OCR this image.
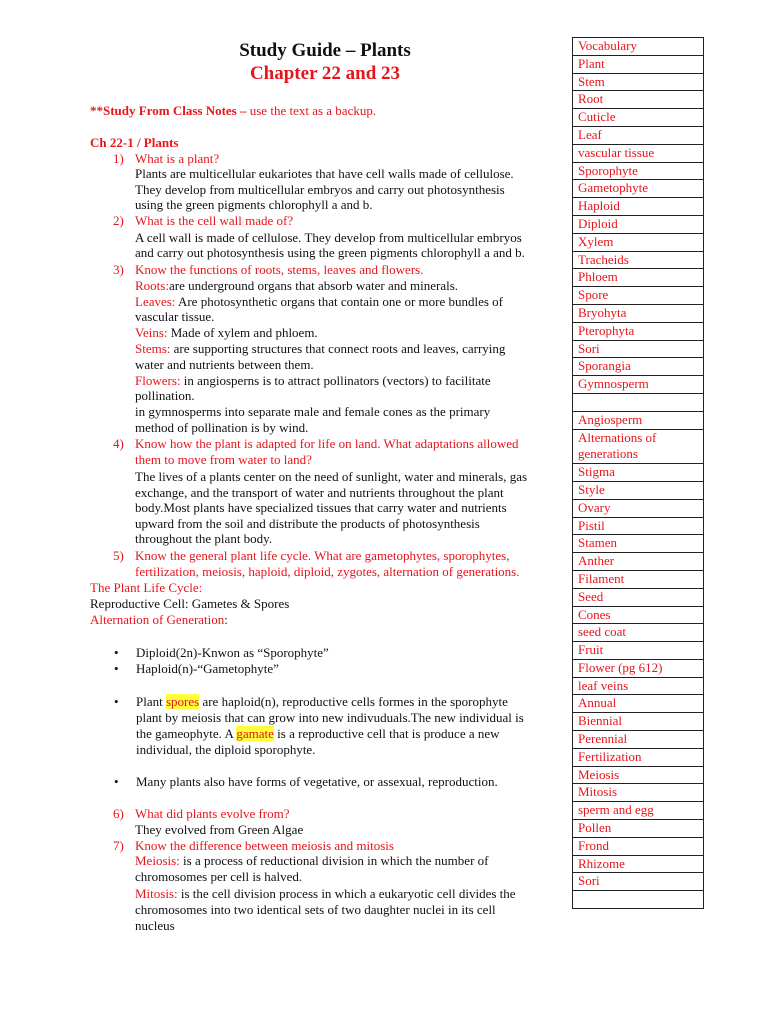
Study Guide – Plants
Chapter 22 and 23
**Study From Class Notes – use the text as a backup.
Ch 22-1 / Plants
1) What is a plant?
Plants are multicellular eukariotes that have cell walls made of cellulose.
They develop from multicellular embryos and carry out photosynthesis
using the green pigments chlorophyll a and b.
2) What is the cell wall made of?
A cell wall is made of cellulose. They develop from multicellular embryos
and carry out photosynthesis using the green pigments chlorophyll a and b.
3) Know the functions of roots, stems, leaves and flowers.
Roots:are underground organs that absorb water and minerals.
Leaves: Are photosynthetic organs that contain one or more bundles of
vascular tissue.
Veins: Made of xylem and phloem.
Stems: are supporting structures that connect roots and leaves, carrying
water and nutrients between them.
Flowers: in angiosperns is to attract pollinators (vectors) to facilitate
pollination.
in gymnosperms into separate male and female cones as the primary
method of pollination is by wind.
4) Know how the plant is adapted for life on land. What adaptations allowed
them to move from water to land?
The lives of a plants center on the need of sunlight, water and minerals, gas
exchange, and the transport of water and nutrients throughout the plant
body.Most plants have specialized tissues that carry water and nutrients
upward from the soil and distribute the products of photosynthesis
throughout the plant body.
5) Know the general plant life cycle. What are gametophytes, sporophytes,
fertilization, meiosis, haploid, diploid, zygotes, alternation of generations.
The Plant Life Cycle:
Reproductive Cell: Gametes & Spores
Alternation of Generation:
• Diploid(2n)-Knwon as “Sporophyte”
• Haploid(n)-“Gametophyte”
• Plant spores are haploid(n), reproductive cells formes in the sporophyte
plant by meiosis that can grow into new indivuduals.The new individual is
the gameophyte. A gamate is a reproductive cell that is produce a new
individual, the diploid sporophyte.
• Many plants also have forms of vegetative, or assexual, reproduction.
6) What did plants evolve from?
They evolved from Green Algae
7) Know the difference between meiosis and mitosis
Meiosis: is a process of reductional division in which the number of
chromosomes per cell is halved.
Mitosis: is the cell division process in which a eukaryotic cell divides the
chromosomes into two identical sets of two daughter nuclei in its cell
nucleus
Vocabulary
Plant
Stem
Root
Cuticle
Leaf
vascular tissue
Sporophyte
Gametophyte
Haploid
Diploid
Xylem
Tracheids
Phloem
Spore
Bryohyta
Pterophyta
Sori
Sporangia
Gymnosperm
Angiosperm
Alternations of generations
Stigma
Style
Ovary
Pistil
Stamen
Anther
Filament
Seed
Cones
seed coat
Fruit
Flower (pg 612)
leaf veins
Annual
Biennial
Perennial
Fertilization
Meiosis
Mitosis
sperm and egg
Pollen
Frond
Rhizome
Sori
